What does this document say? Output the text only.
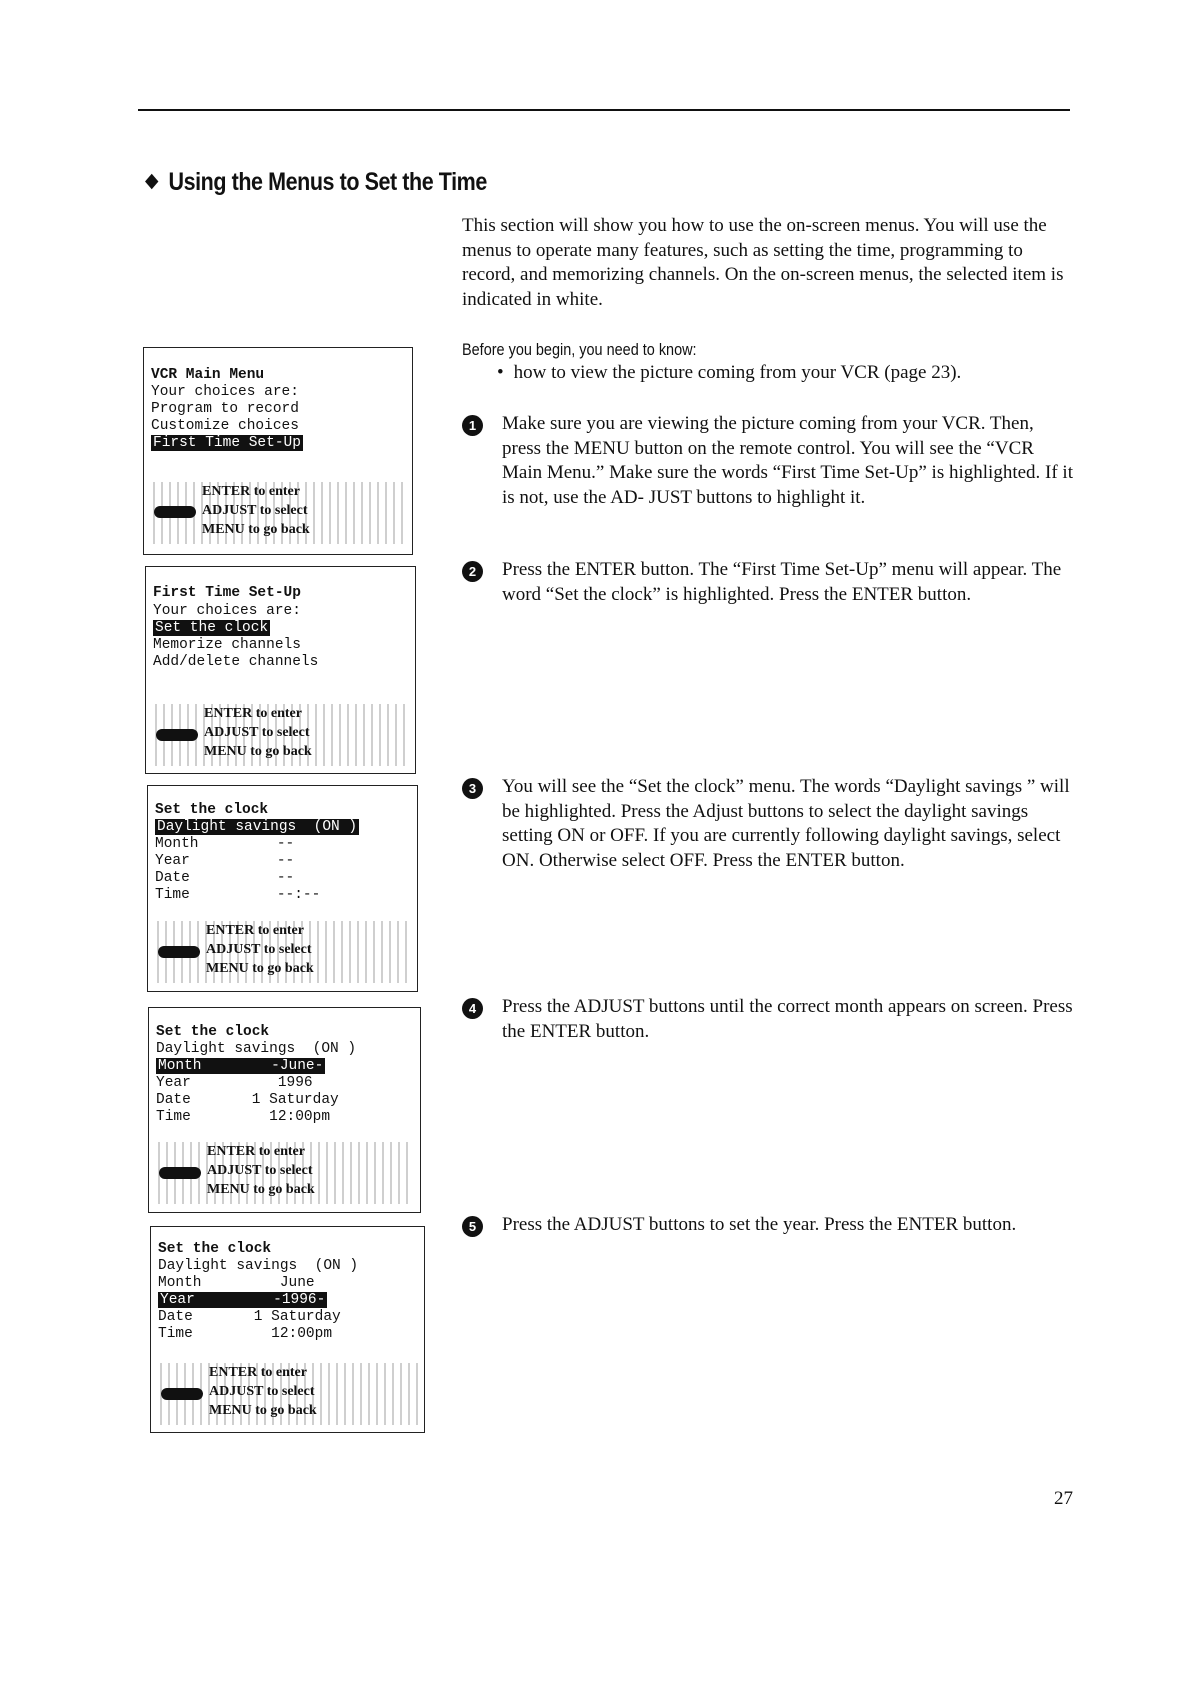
Using the Menus to Set the Time
This section will show you how to use the on-screen menus. You will use the menus to operate many features, such as setting the time, programming to record, and memorizing channels. On the on-screen menus, the selected item is indicated in white.
Before you begin, you need to know:
• how to view the picture coming from your VCR (page 23).
1	Make sure you are viewing the picture coming from your VCR. Then, press the MENU button on the remote control. You will see the “VCR Main Menu.” Make sure the words “First Time Set-Up” is highlighted. If it is not, use the AD- JUST buttons to highlight it.
2	Press the ENTER button. The “First Time Set-Up” menu will appear. The word “Set the clock” is highlighted. Press the ENTER button.
3	You will see the “Set the clock” menu. The words “Daylight savings ” will be highlighted. Press the Adjust buttons to select the daylight savings setting ON or OFF. If you are currently following daylight savings, select ON. Otherwise select OFF. Press the ENTER button.
4	Press the ADJUST buttons until the correct month appears on screen. Press the ENTER button.
5	Press the ADJUST buttons to set the year. Press the ENTER button.
VCR Main Menu
Your choices are:
Program to record
Customize choices
First Time Set-Up
ENTER to enter
ADJUST to select
MENU to go back
First Time Set-Up
Your choices are:
Set the clock
Memorize channels
Add/delete channels
ENTER to enter
ADJUST to select
MENU to go back
Set the clock
Daylight savings  (ON )
Month         --
Year          --
Date          --
Time          --:--
ENTER to enter
ADJUST to select
MENU to go back
Set the clock
Daylight savings  (ON )
Month        -June-
Year          1996
Date       1 Saturday
Time         12:00pm
ENTER to enter
ADJUST to select
MENU to go back
Set the clock
Daylight savings  (ON )
Month         June
Year         -1996-
Date       1 Saturday
Time         12:00pm
ENTER to enter
ADJUST to select
MENU to go back
27
